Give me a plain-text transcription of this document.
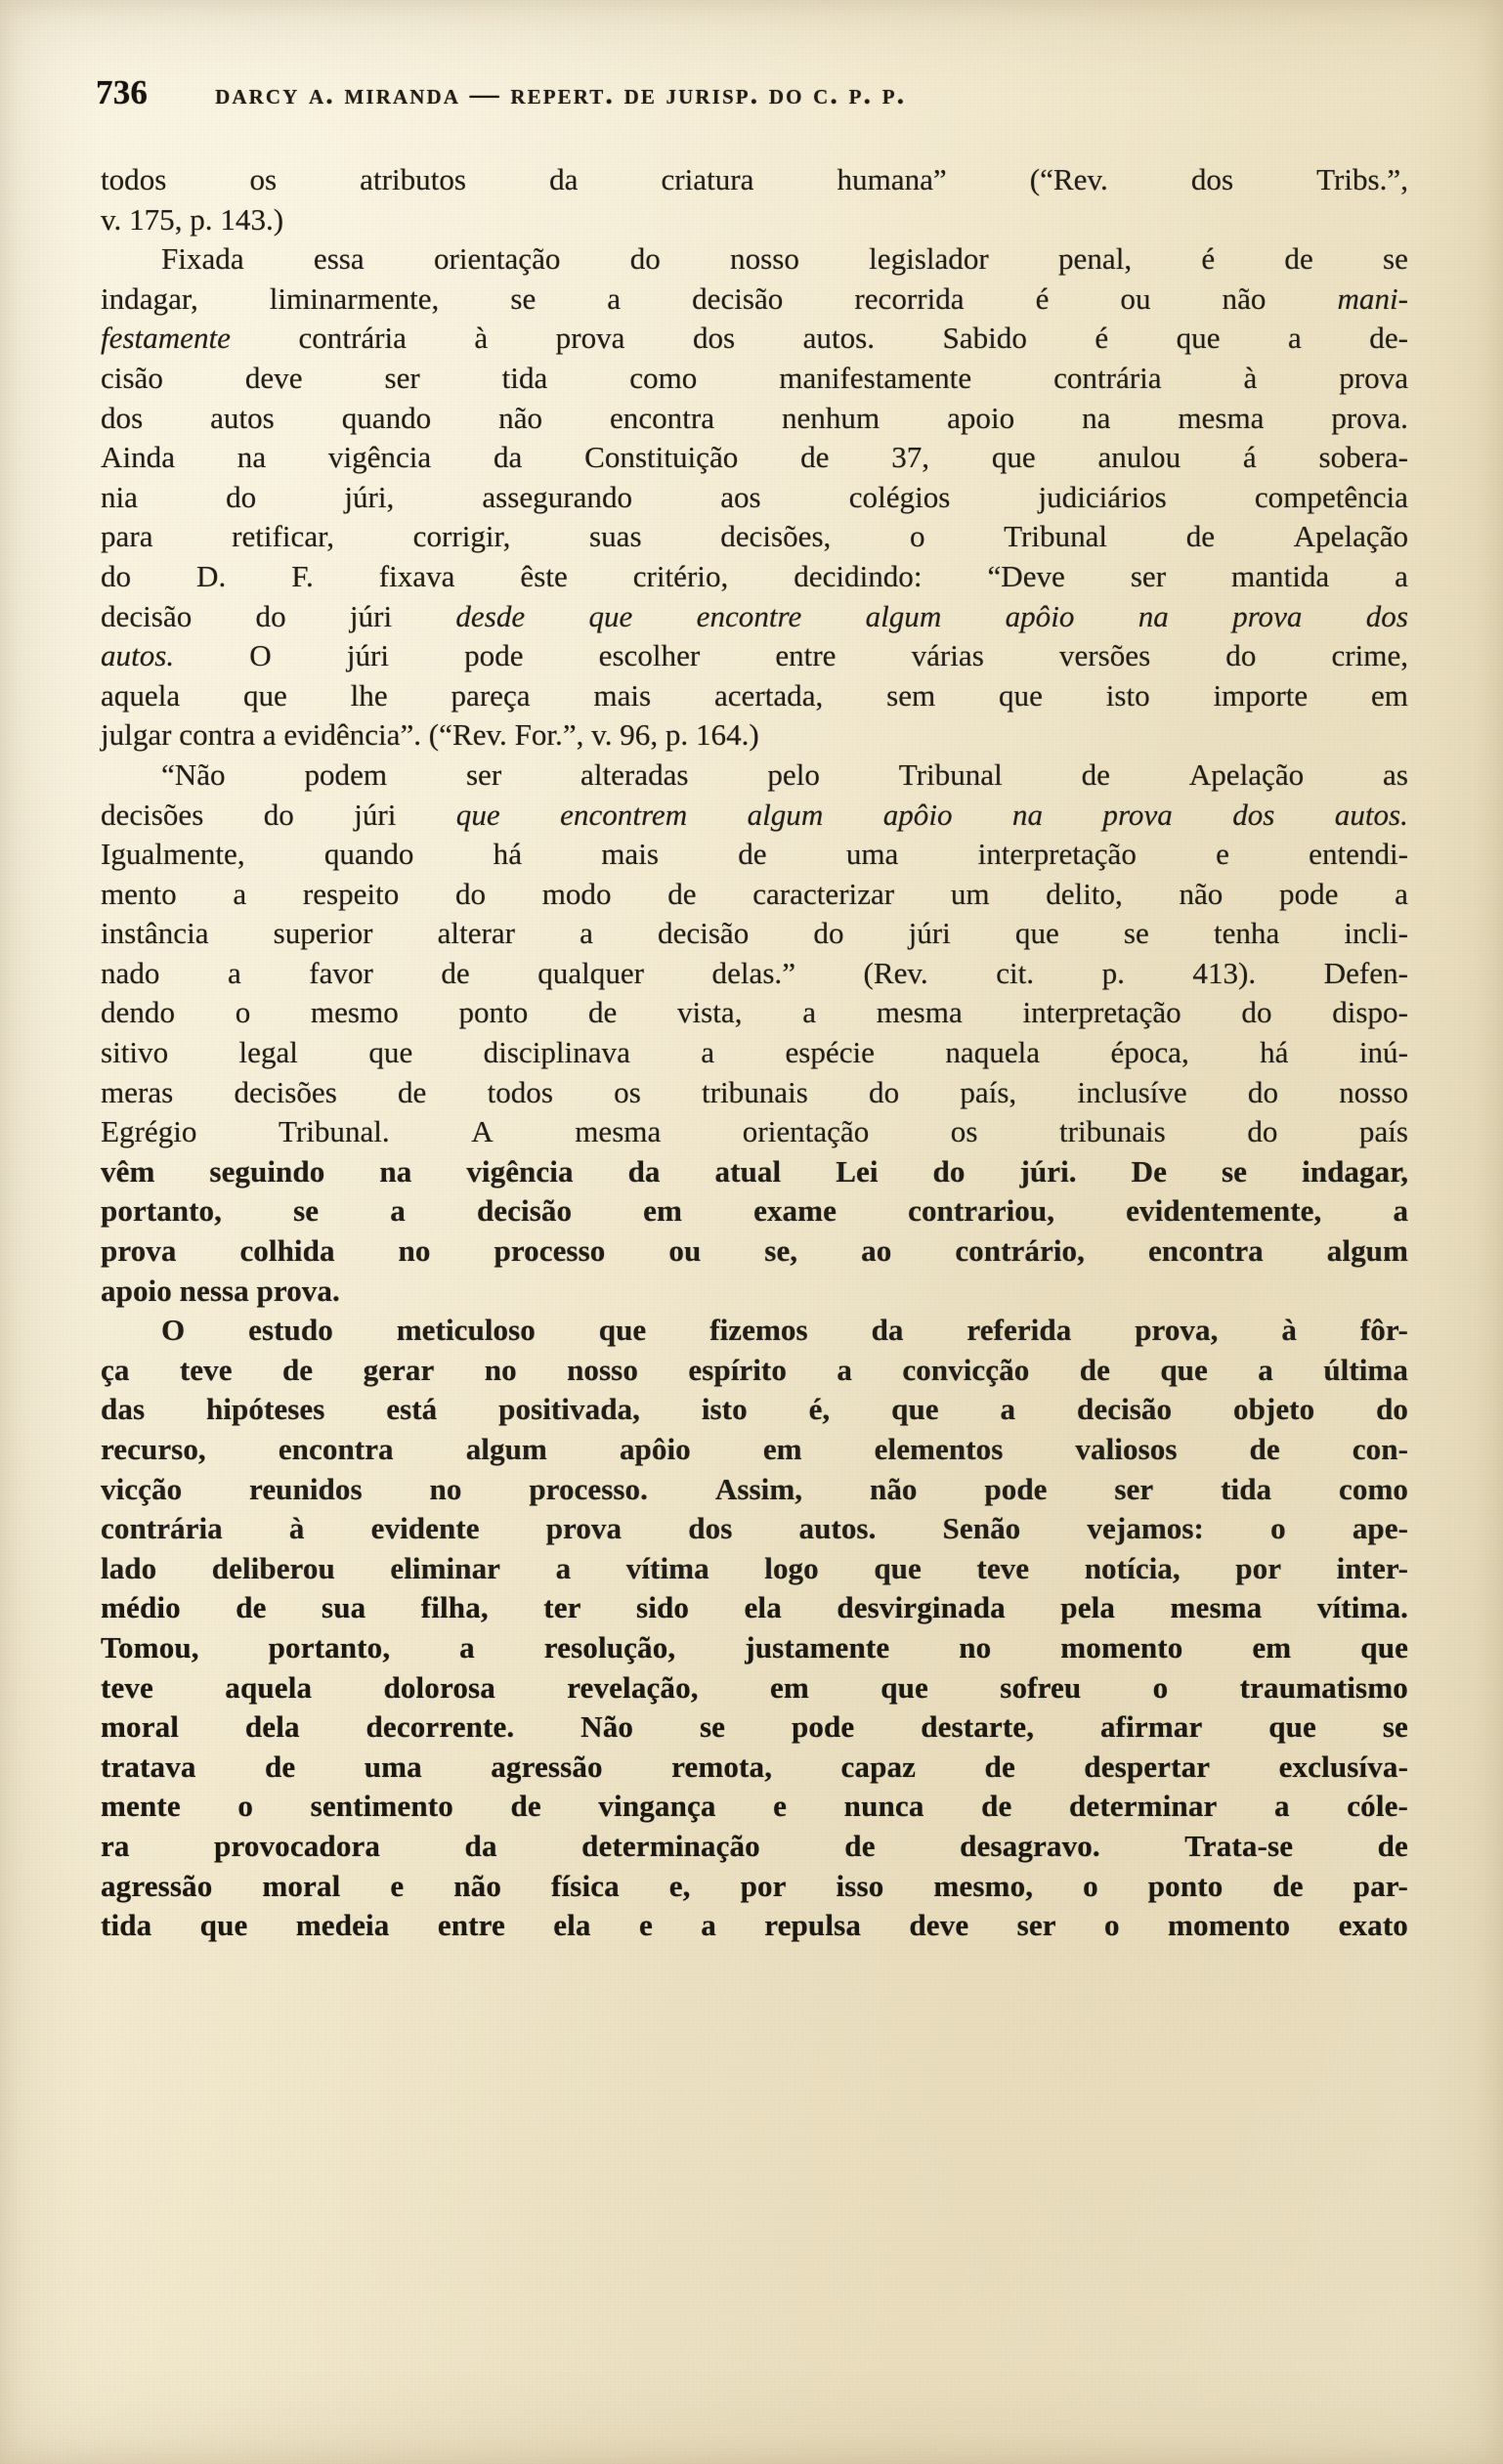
736 darcy a. miranda — repert. de jurisp. do c. p. p.
todos	os	atributos	da	criatura	humana”	(“Rev.	dos	Tribs.”,
v. 175, p. 143.)
Fixada essa orientação do nosso legislador penal, é de se
indagar, liminarmente, se a decisão recorrida é ou não mani-
festamente contrária à prova dos autos. Sabido é que a de-
cisão	deve	ser	tida	como	manifestamente	contrária	à	prova
dos autos quando não encontra nenhum apoio na mesma prova.
Ainda na vigência da Constituição de 37, que anulou á sobera-
nia	do	júri,	assegurando	aos	colégios	judiciários	competência
para	retificar,	corrigir,	suas	decisões,	o	Tribunal	de	Apelação
do D. F. fixava êste critério, decidindo: “Deve ser mantida a
decisão do júri desde que encontre algum apôio na prova dos
autos. O júri pode escolher entre várias versões do crime,
aquela que lhe pareça mais acertada, sem que isto importe em
julgar contra a evidência”. (“Rev. For.”, v. 96, p. 164.)
“Não	podem	ser	alteradas	pelo	Tribunal	de	Apelação	as
decisões do júri que encontrem algum apôio na prova dos autos.
Igualmente,	quando	há	mais	de	uma	interpretação	e	entendi-
mento a respeito do modo de caracterizar um delito, não pode a
instância superior alterar a decisão do júri que se tenha incli-
nado a favor de qualquer delas.” (Rev. cit. p. 413). Defen-
dendo o mesmo ponto de vista, a mesma interpretação do dispo-
sitivo legal que disciplinava a espécie naquela época, há inú-
meras decisões de todos os tribunais do país, inclusíve do nosso
Egrégio	Tribunal.	A	mesma	orientação	os	tribunais	do	país
vêm seguindo na vigência da atual Lei do júri. De se indagar,
portanto, se a decisão em exame contrariou, evidentemente, a
prova colhida no processo ou se, ao contrário, encontra algum
apoio nessa prova.
O estudo meticuloso que fizemos da referida prova, à fôr-
ça teve de gerar no nosso espírito a convicção de que a última
das hipóteses está positivada, isto é, que a decisão objeto do
recurso, encontra algum apôio em elementos valiosos de con-
vicção reunidos no processo. Assim, não pode ser tida como
contrária à evidente prova dos autos. Senão vejamos: o ape-
lado deliberou eliminar a vítima logo que teve notícia, por inter-
médio de sua filha, ter sido ela desvirginada pela mesma vítima.
Tomou, portanto, a resolução, justamente no momento em que
teve aquela dolorosa revelação, em que sofreu o traumatismo
moral dela decorrente. Não se pode destarte, afirmar que se
tratava de uma agressão remota, capaz de despertar exclusíva-
mente o sentimento de vingança e nunca de determinar a cóle-
ra	provocadora	da	determinação	de	desagravo.	Trata-se	de
agressão moral e não física e, por isso mesmo, o ponto de par-
tida que medeia entre ela e a repulsa deve ser o momento exato
